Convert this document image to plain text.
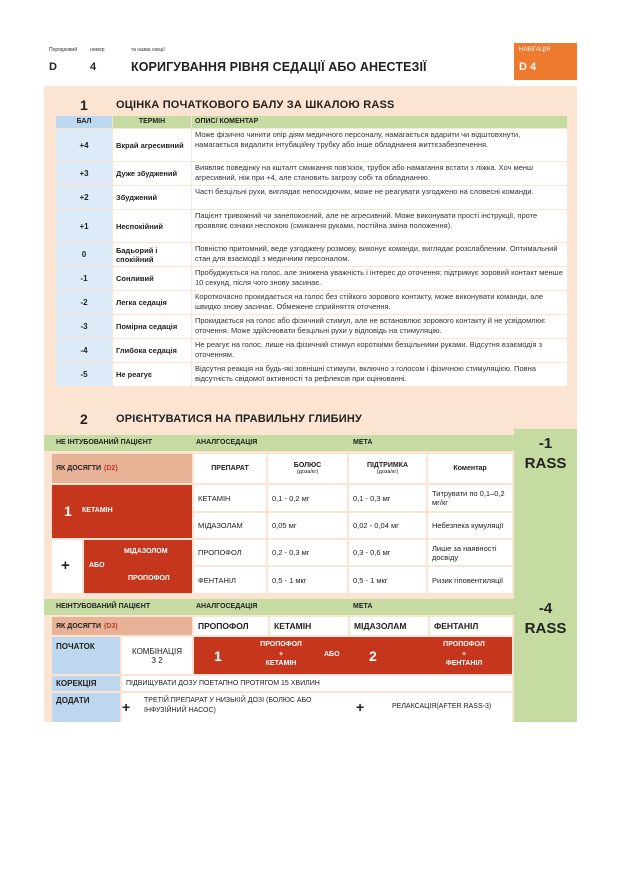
Порядковий	номер	та назва секції
D	4	КОРИГУВАННЯ РІВНЯ СЕДАЦІЇ АБО АНЕСТЕЗІЇ
НАВІГАЦІЯ
D 4
1	ОЦІНКА ПОЧАТКОВОГО БАЛУ ЗА ШКАЛОЮ RASS
БАЛ	ТЕРМІН	ОПИС/ КОМЕНТАР
+4	Вкрай агресивний
Може фізично чинити опір діям медичного персоналу, намагається вдарити чи відштовхнути, намагається видалити інтубаційну трубку або інше обладнання життєзабезпечення.
+3	Дуже збуджений
Виявляє поведінку на кшталт смикання пов'язок, трубок або намагання встати з ліжка. Хоч менш агресивний, ніж при +4, але становить загрозу собі та обладнанню.
+2	Збуджений
Часті безцільні рухи, виглядає непосидючим, може не реагувати узгоджено на словесні команди.
+1	Неспокійний
Пацієнт тривожний чи занепокоєний, але не агресивний. Може виконувати прості інструкції, проте проявляє ознаки неспокою (смикання руками, постійна зміна положення).
0	Бадьорий і спокійний
Повністю притомний, веде узгоджену розмову, виконує команди, виглядає розслабленим. Оптимальний стан для взаємодії з медичним персоналом.
-1	Сонливий
Пробуджується на голос, але знижена уважність і інтерес до оточення; підтримує зоровий контакт менше 10 секунд, після чого знову засинає.
-2	Легка седація
Короткочасно прокидається на голос без стійкого зорового контакту, може виконувати команди, але швидко знову засинає. Обмежене сприйняття оточення.
-3	Помірна седація
Прокидається на голос або фізичний стимул, але не встановлює зорового контакту й не усвідомлює оточення. Може здійснювати безцільні рухи у відповідь на стимуляцію.
-4	Глибока седація
Не реагує на голос, лише на фізичний стимул короткими безцільними руками. Відсутня взаємодія з оточенням.
-5	Не реагує
Відсутня реакція на будь-які зовнішні стимули, включно з голосом і фізичною стимуляцією. Повна відсутність свідомої активності та рефлексів при оцінюванні.
2	ОРІЄНТУВАТИСЯ НА ПРАВИЛЬНУ ГЛИБИНУ
НЕ ІНТУБОВАНИЙ ПАЦІЄНТ	АНАЛГОСЕДАЦІЯ	МЕТА	-1
RASS
ЯК ДОСЯГТИ (D2)	ПРЕПАРАТ	БОЛЮС
(доза/кг)
ПІДТРИМКА
(доза/кг)	Коментар
1 КЕТАМІН
+	АБО
МІДАЗОЛОМ
ПРОПОФОЛ
КЕТАМІН	0,1 - 0,2 мг	0,1 - 0,3 мг	Титрувати по 0,1–0,2 мг/кг
МІДАЗОЛАМ	0,05 мг	0,02 - 0,04 мг	Небезпека кумуляції
ПРОПОФОЛ	0,2 - 0,3 мг	0,3 - 0,6 мг	Лише за наявності досвіду
ФЕНТАНІЛ	0,5 - 1 мкг	0,5 - 1 мкг	Ризик гіповентиляції
НЕІНТУБОВАНИЙ ПАЦІЄНТ	АНАЛГОСЕДАЦІЯ	МЕТА	-4
RASS
ЯК ДОСЯГТИ (D3)	ПРОПОФОЛ	КЕТАМІН	МІДАЗОЛАМ	ФЕНТАНІЛ
ПОЧАТОК	КОМБІНАЦІЯ
З 2	1
ПРОПОФОЛ
+
КЕТАМІН
АБО 2
ПРОПОФОЛ
+
ФЕНТАНІЛ
КОРЕКЦІЯ	ПІДВИЩУВАТИ ДОЗУ ПОЕТАПНО ПРОТЯГОМ 15 ХВИЛИН
ДОДАТИ + ТРЕТІЙ ПРЕПАРАТ У НИЗЬКІЙ ДОЗІ (БОЛЮС АБО ІНФУЗІЙНИЙ НАСОС)	+	РЕЛАКСАЦІЯ(AFTER RASS-3)
